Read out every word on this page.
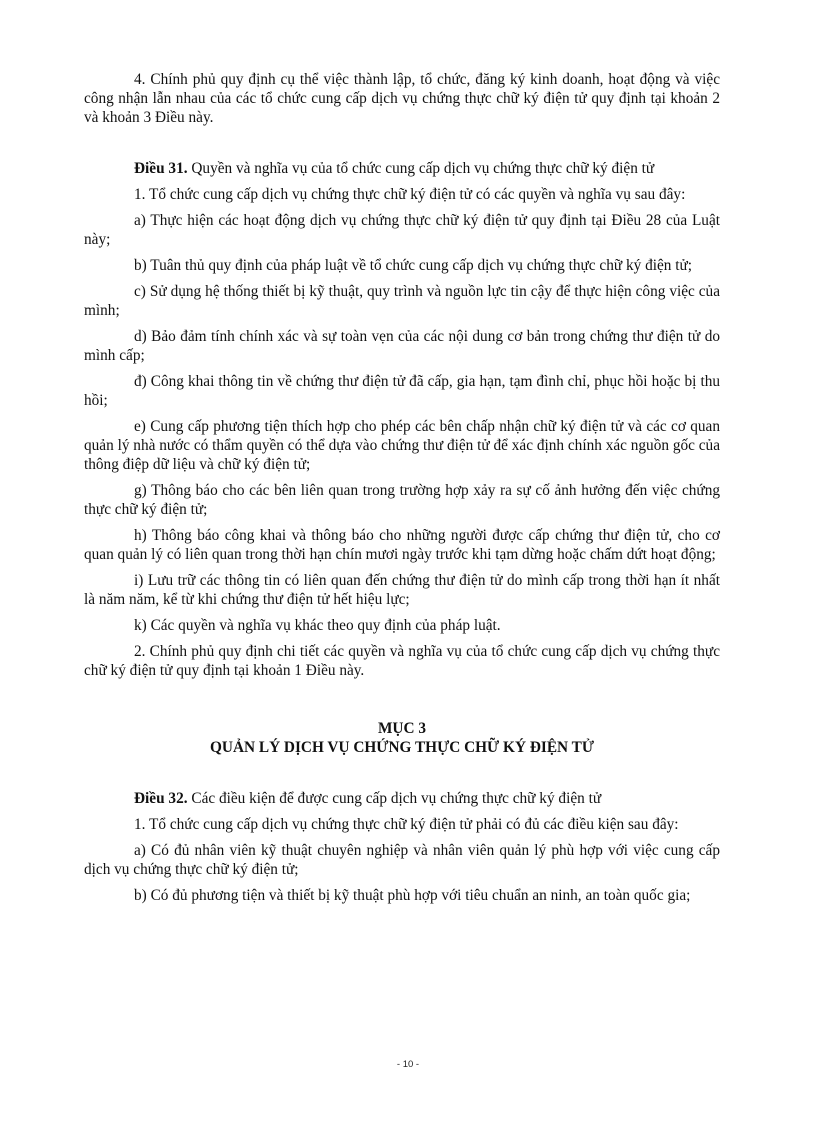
4. Chính phủ quy định cụ thể việc thành lập, tổ chức, đăng ký kinh doanh, hoạt động và việc công nhận lẫn nhau của các tổ chức cung cấp dịch vụ chứng thực chữ ký điện tử quy định tại khoản 2 và khoản 3 Điều này.

Điều 31. Quyền và nghĩa vụ của tổ chức cung cấp dịch vụ chứng thực chữ ký điện tử

1. Tổ chức cung cấp dịch vụ chứng thực chữ ký điện tử có các quyền và nghĩa vụ sau đây:

a) Thực hiện các hoạt động dịch vụ chứng thực chữ ký điện tử quy định tại Điều 28 của Luật này;

b) Tuân thủ quy định của pháp luật về tổ chức cung cấp dịch vụ chứng thực chữ ký điện tử;

c) Sử dụng hệ thống thiết bị kỹ thuật, quy trình và nguồn lực tin cậy để thực hiện công việc của mình;

d) Bảo đảm tính chính xác và sự toàn vẹn của các nội dung cơ bản trong chứng thư điện tử do mình cấp;

đ) Công khai thông tin về chứng thư điện tử đã cấp, gia hạn, tạm đình chỉ, phục hồi hoặc bị thu hồi;

e) Cung cấp phương tiện thích hợp cho phép các bên chấp nhận chữ ký điện tử và các cơ quan quản lý nhà nước có thẩm quyền có thể dựa vào chứng thư điện tử để xác định chính xác nguồn gốc của thông điệp dữ liệu và chữ ký điện tử;

g) Thông báo cho các bên liên quan trong trường hợp xảy ra sự cố ảnh hưởng đến việc chứng thực chữ ký điện tử;

h) Thông báo công khai và thông báo cho những người được cấp chứng thư điện tử, cho cơ quan quản lý có liên quan trong thời hạn chín mươi ngày trước khi tạm dừng hoặc chấm dứt hoạt động;

i) Lưu trữ các thông tin có liên quan đến chứng thư điện tử do mình cấp trong thời hạn ít nhất là năm năm, kể từ khi chứng thư điện tử hết hiệu lực;

k) Các quyền và nghĩa vụ khác theo quy định của pháp luật.

2. Chính phủ quy định chi tiết các quyền và nghĩa vụ của tổ chức cung cấp dịch vụ chứng thực chữ ký điện tử quy định tại khoản 1 Điều này.

MỤC 3

QUẢN LÝ DỊCH VỤ CHỨNG THỰC CHỮ KÝ ĐIỆN TỬ

Điều 32. Các điều kiện để được cung cấp dịch vụ chứng thực chữ ký điện tử

1. Tổ chức cung cấp dịch vụ chứng thực chữ ký điện tử phải có đủ các điều kiện sau đây:

a) Có đủ nhân viên kỹ thuật chuyên nghiệp và nhân viên quản lý phù hợp với việc cung cấp dịch vụ chứng thực chữ ký điện tử;

b) Có đủ phương tiện và thiết bị kỹ thuật phù hợp với tiêu chuẩn an ninh, an toàn quốc gia;

- 10 -
